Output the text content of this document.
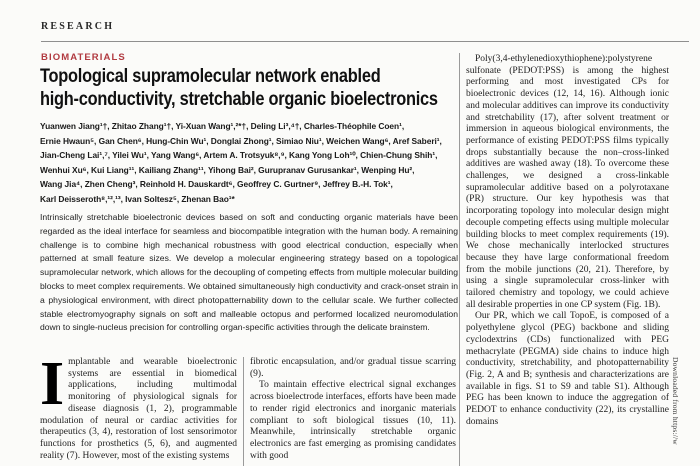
RESEARCH
BIOMATERIALS
Topological supramolecular network enabled
high-conductivity, stretchable organic bioelectronics
Yuanwen Jiang¹†, Zhitao Zhang¹†, Yi-Xuan Wang¹,²*†, Deling Li³,⁴†, Charles-Théophile Coen¹,
Ernie Hwaun⁵, Gan Chen⁶, Hung-Chin Wu¹, Donglai Zhong¹, Simiao Niu¹, Weichen Wang⁶, Aref Saberi¹,
Jian-Cheng Lai¹,⁷, Yilei Wu¹, Yang Wang⁶, Artem A. Trotsyuk⁸,⁹, Kang Yong Loh¹⁰, Chien-Chung Shih¹,
Wenhui Xu⁶, Kui Liang¹¹, Kailiang Zhang¹¹, Yihong Bai², Gurupranav Gurusankar¹, Wenping Hu²,
Wang Jia⁴, Zhen Cheng³, Reinhold H. Dauskardt⁶, Geoffrey C. Gurtner⁹, Jeffrey B.-H. Tok¹,
Karl Deisseroth⁸,¹²,¹³, Ivan Soltesz⁵, Zhenan Bao¹*
Intrinsically stretchable bioelectronic devices based on soft and conducting organic materials have been regarded as the ideal interface for seamless and biocompatible integration with the human body. A remaining challenge is to combine high mechanical robustness with good electrical conduction, especially when patterned at small feature sizes. We develop a molecular engineering strategy based on a topological supramolecular network, which allows for the decoupling of competing effects from multiple molecular building blocks to meet complex requirements. We obtained simultaneously high conductivity and crack-onset strain in a physiological environment, with direct photopatternability down to the cellular scale. We further collected stable electromyography signals on soft and malleable octopus and performed localized neuromodulation down to single-nucleus precision for controlling organ-specific activities through the delicate brainstem.

Implantable and wearable bioelectronic systems are essential in biomedical applications, including multimodal monitoring of physiological signals for disease diagnosis (1, 2), programmable modulation of neural or cardiac activities for therapeutics (3, 4), restoration of lost sensorimotor functions for prosthetics (5, 6), and augmented reality (7). However, most of the existing systems

fibrotic encapsulation, and/or gradual tissue scarring (9).

To maintain effective electrical signal exchanges across bioelectrode interfaces, efforts have been made to render rigid electronics and inorganic materials compliant to soft biological tissues (10, 11). Meanwhile, intrinsically stretchable organic electronics are fast emerging as promising candidates with good

Poly(3,4-ethylenedioxythiophene):polystyrene sulfonate (PEDOT:PSS) is among the highest performing and most investigated CPs for bioelectronic devices (12, 14, 16). Although ionic and molecular additives can improve its conductivity and stretchability (17), after solvent treatment or immersion in aqueous biological environments, the performance of existing PEDOT:PSS films typically drops substantially because the non–cross-linked additives are washed away (18). To overcome these challenges, we designed a cross-linkable supramolecular additive based on a polyrotaxane (PR) structure. Our key hypothesis was that incorporating topology into molecular design might decouple competing effects using multiple molecular building blocks to meet complex requirements (19). We chose mechanically interlocked structures because they have large conformational freedom from the mobile junctions (20, 21). Therefore, by using a single supramolecular cross-linker with tailored chemistry and topology, we could achieve all desirable properties in one CP system (Fig. 1B).

Our PR, which we call TopoE, is composed of a polyethylene glycol (PEG) backbone and sliding cyclodextrins (CDs) functionalized with PEG methacrylate (PEGMA) side chains to induce high conductivity, stretchability, and photopatternability (Fig. 2, A and B; synthesis and characterizations are available in figs. S1 to S9 and table S1). Although PEG has been known to induce the aggregation of PEDOT to enhance conductivity (22), its crystalline domains	Downloaded from https://w
